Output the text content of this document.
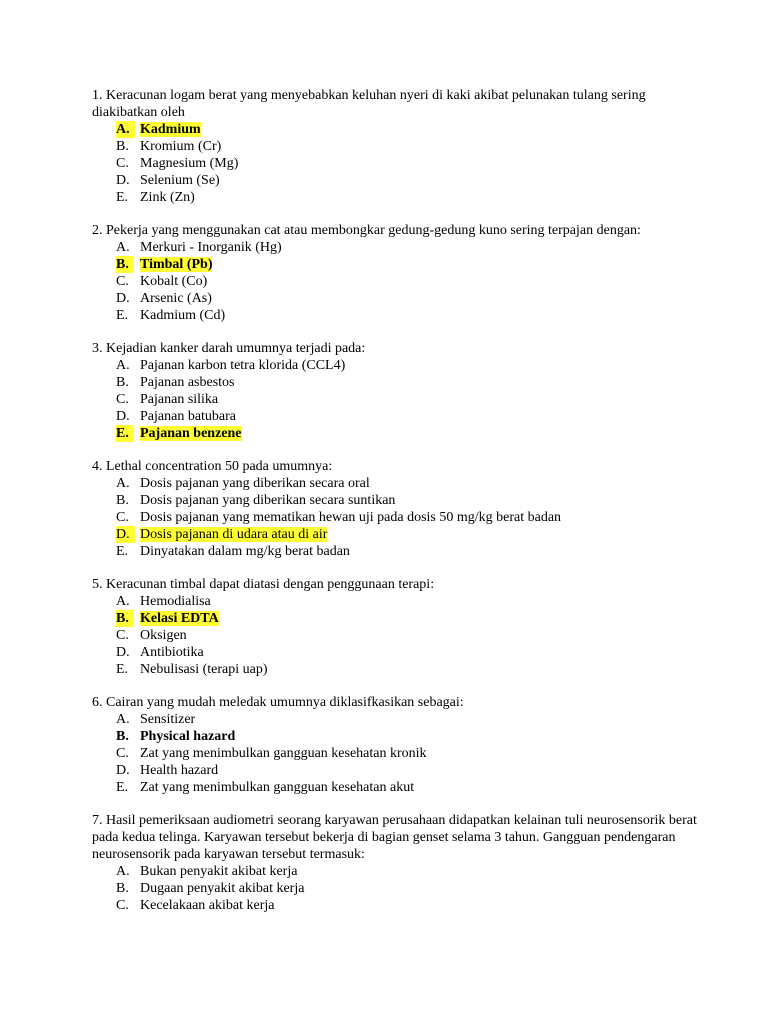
1. Keracunan logam berat yang menyebabkan keluhan nyeri di kaki akibat pelunakan tulang sering diakibatkan oleh

A. Kadmium
B. Kromium (Cr)
C. Magnesium (Mg)
D. Selenium (Se)
E. Zink (Zn)

2. Pekerja yang menggunakan cat atau membongkar gedung-gedung kuno sering terpajan dengan:

A. Merkuri - Inorganik (Hg)
B. Timbal (Pb)
C. Kobalt (Co)
D. Arsenic (As)
E. Kadmium (Cd)

3. Kejadian kanker darah umumnya terjadi pada:

A. Pajanan karbon tetra klorida (CCL4)
B. Pajanan asbestos
C. Pajanan silika
D. Pajanan batubara
E. Pajanan benzene

4. Lethal concentration 50 pada umumnya:

A. Dosis pajanan yang diberikan secara oral
B. Dosis pajanan yang diberikan secara suntikan
C. Dosis pajanan yang mematikan hewan uji pada dosis 50 mg/kg berat badan
D. Dosis pajanan di udara atau di air
E. Dinyatakan dalam mg/kg berat badan

5. Keracunan timbal dapat diatasi dengan penggunaan terapi:

A. Hemodialisa
B. Kelasi EDTA
C. Oksigen
D. Antibiotika
E. Nebulisasi (terapi uap)

6. Cairan yang mudah meledak umumnya diklasifkasikan sebagai:

A. Sensitizer
B. Physical hazard
C. Zat yang menimbulkan gangguan kesehatan kronik
D. Health hazard
E. Zat yang menimbulkan gangguan kesehatan akut

7. Hasil pemeriksaan audiometri seorang karyawan perusahaan didapatkan kelainan tuli neurosensorik berat pada kedua telinga. Karyawan tersebut bekerja di bagian genset selama 3 tahun. Gangguan pendengaran neurosensorik pada karyawan tersebut termasuk:

A. Bukan penyakit akibat kerja
B. Dugaan penyakit akibat kerja
C. Kecelakaan akibat kerja
